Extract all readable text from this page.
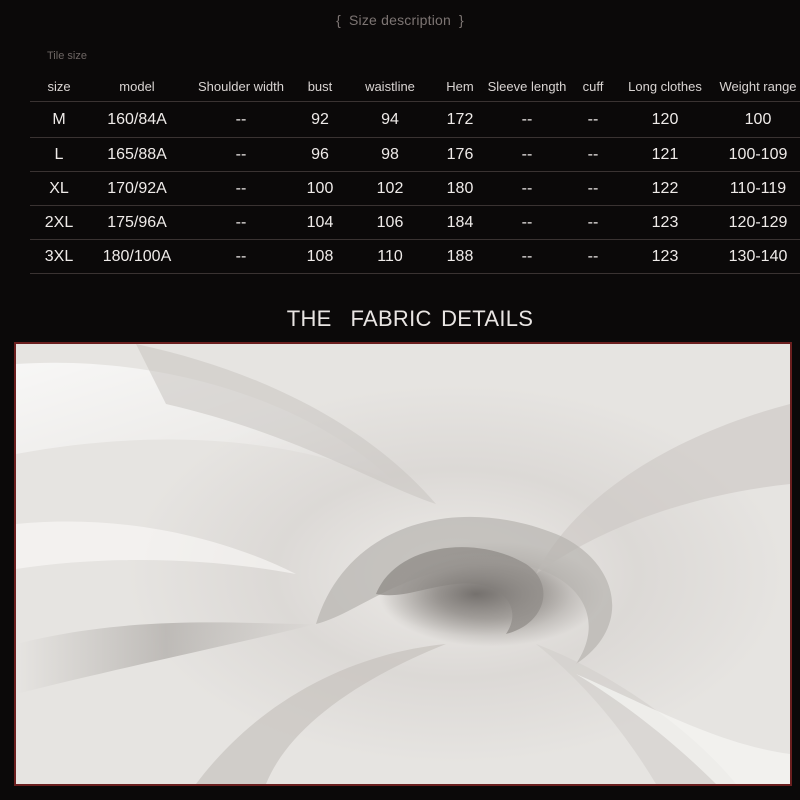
{ Size description }
Tile size
size	model	Shoulder width	bust	waistline	Hem	Sleeve length	cuff	Long clothes	Weight range
M	160/84A	--	92	94	172	--	--	120	100
L	165/88A	--	96	98	176	--	--	121	100-109
XL	170/92A	--	100	102	180	--	--	122	110-119
2XL	175/96A	--	104	106	184	--	--	123	120-129
3XL	180/100A	--	108	110	188	--	--	123	130-140
THE  FABRIC DETAILS
